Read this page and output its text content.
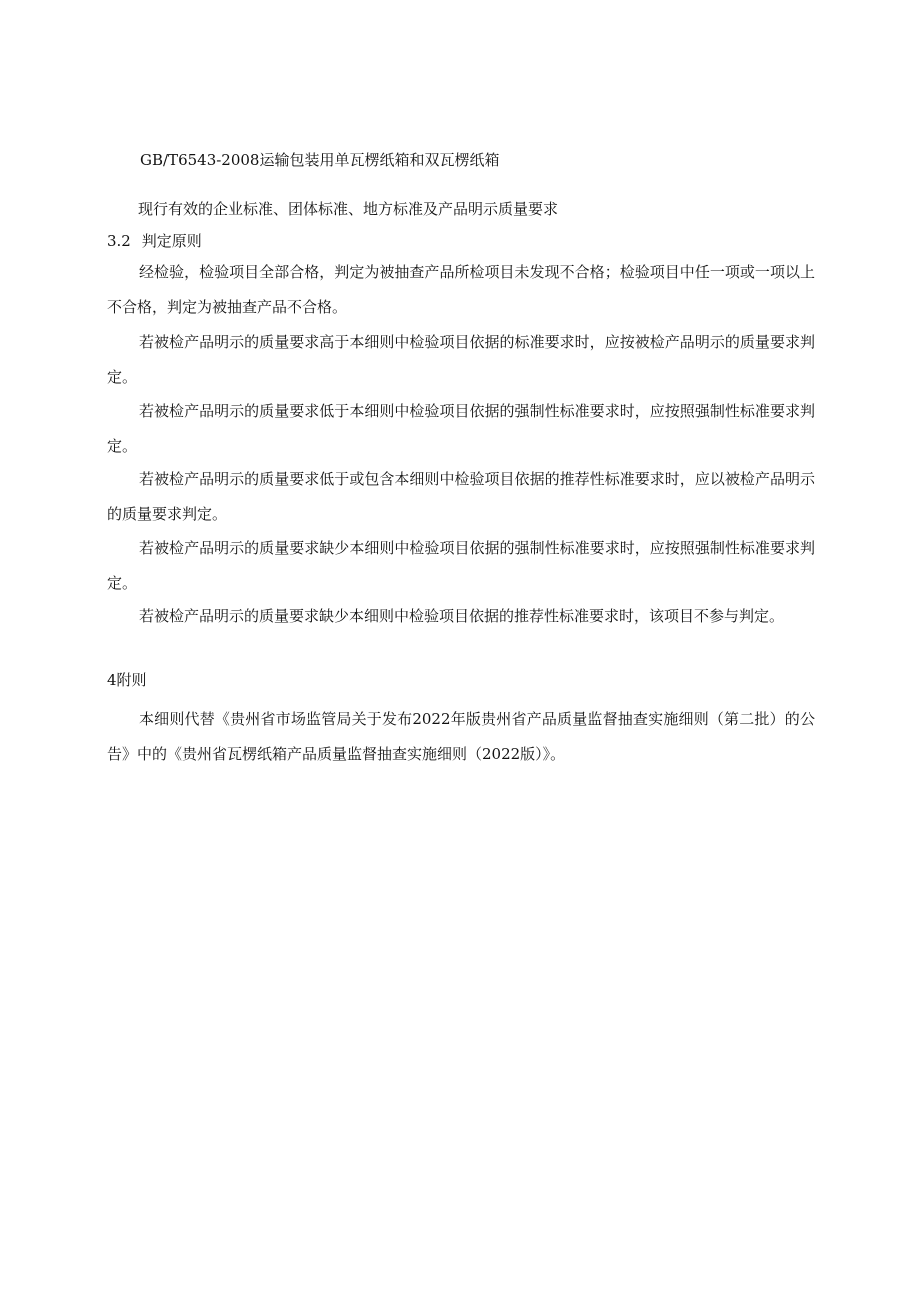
GB/T6543-2008运输包装用单瓦楞纸箱和双瓦楞纸箱
现行有效的企业标准、团体标准、地方标准及产品明示质量要求
3.2 判定原则
经检验，检验项目全部合格，判定为被抽查产品所检项目未发现不合格；检验项目中任一项或一项以上不合格，判定为被抽查产品不合格。
若被检产品明示的质量要求高于本细则中检验项目依据的标准要求时，应按被检产品明示的质量要求判定。
若被检产品明示的质量要求低于本细则中检验项目依据的强制性标准要求时，应按照强制性标准要求判定。
若被检产品明示的质量要求低于或包含本细则中检验项目依据的推荐性标准要求时，应以被检产品明示的质量要求判定。
若被检产品明示的质量要求缺少本细则中检验项目依据的强制性标准要求时，应按照强制性标准要求判定。
若被检产品明示的质量要求缺少本细则中检验项目依据的推荐性标准要求时，该项目不参与判定。
4附则
本细则代替《贵州省市场监管局关于发布2022年版贵州省产品质量监督抽查实施细则（第二批）的公告》中的《贵州省瓦楞纸箱产品质量监督抽查实施细则（2022版）》。
